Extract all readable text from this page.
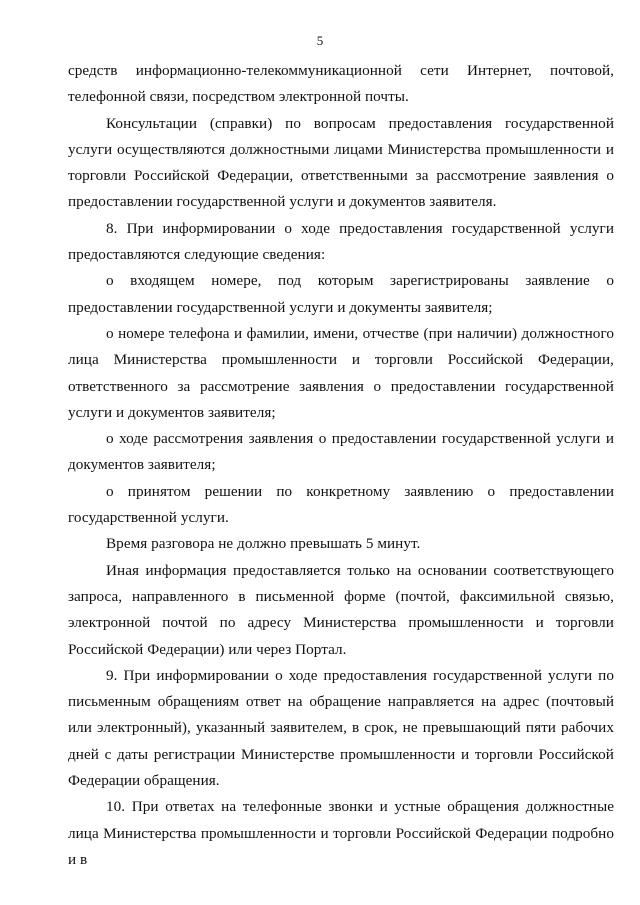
5

средств информационно-телекоммуникационной сети Интернет, почтовой, телефонной связи, посредством электронной почты.

Консультации (справки) по вопросам предоставления государственной услуги осуществляются должностными лицами Министерства промышленности и торговли Российской Федерации, ответственными за рассмотрение заявления о предоставлении государственной услуги и документов заявителя.

8. При информировании о ходе предоставления государственной услуги предоставляются следующие сведения:

о входящем номере, под которым зарегистрированы заявление о предоставлении государственной услуги и документы заявителя;

о номере телефона и фамилии, имени, отчестве (при наличии) должностного лица Министерства промышленности и торговли Российской Федерации, ответственного за рассмотрение заявления о предоставлении государственной услуги и документов заявителя;

о ходе рассмотрения заявления о предоставлении государственной услуги и документов заявителя;

о принятом решении по конкретному заявлению о предоставлении государственной услуги.

Время разговора не должно превышать 5 минут.

Иная информация предоставляется только на основании соответствующего запроса, направленного в письменной форме (почтой, факсимильной связью, электронной почтой по адресу Министерства промышленности и торговли Российской Федерации) или через Портал.

9. При информировании о ходе предоставления государственной услуги по письменным обращениям ответ на обращение направляется на адрес (почтовый или электронный), указанный заявителем, в срок, не превышающий пяти рабочих дней с даты регистрации Министерстве промышленности и торговли Российской Федерации обращения.

10. При ответах на телефонные звонки и устные обращения должностные лица Министерства промышленности и торговли Российской Федерации подробно и в
